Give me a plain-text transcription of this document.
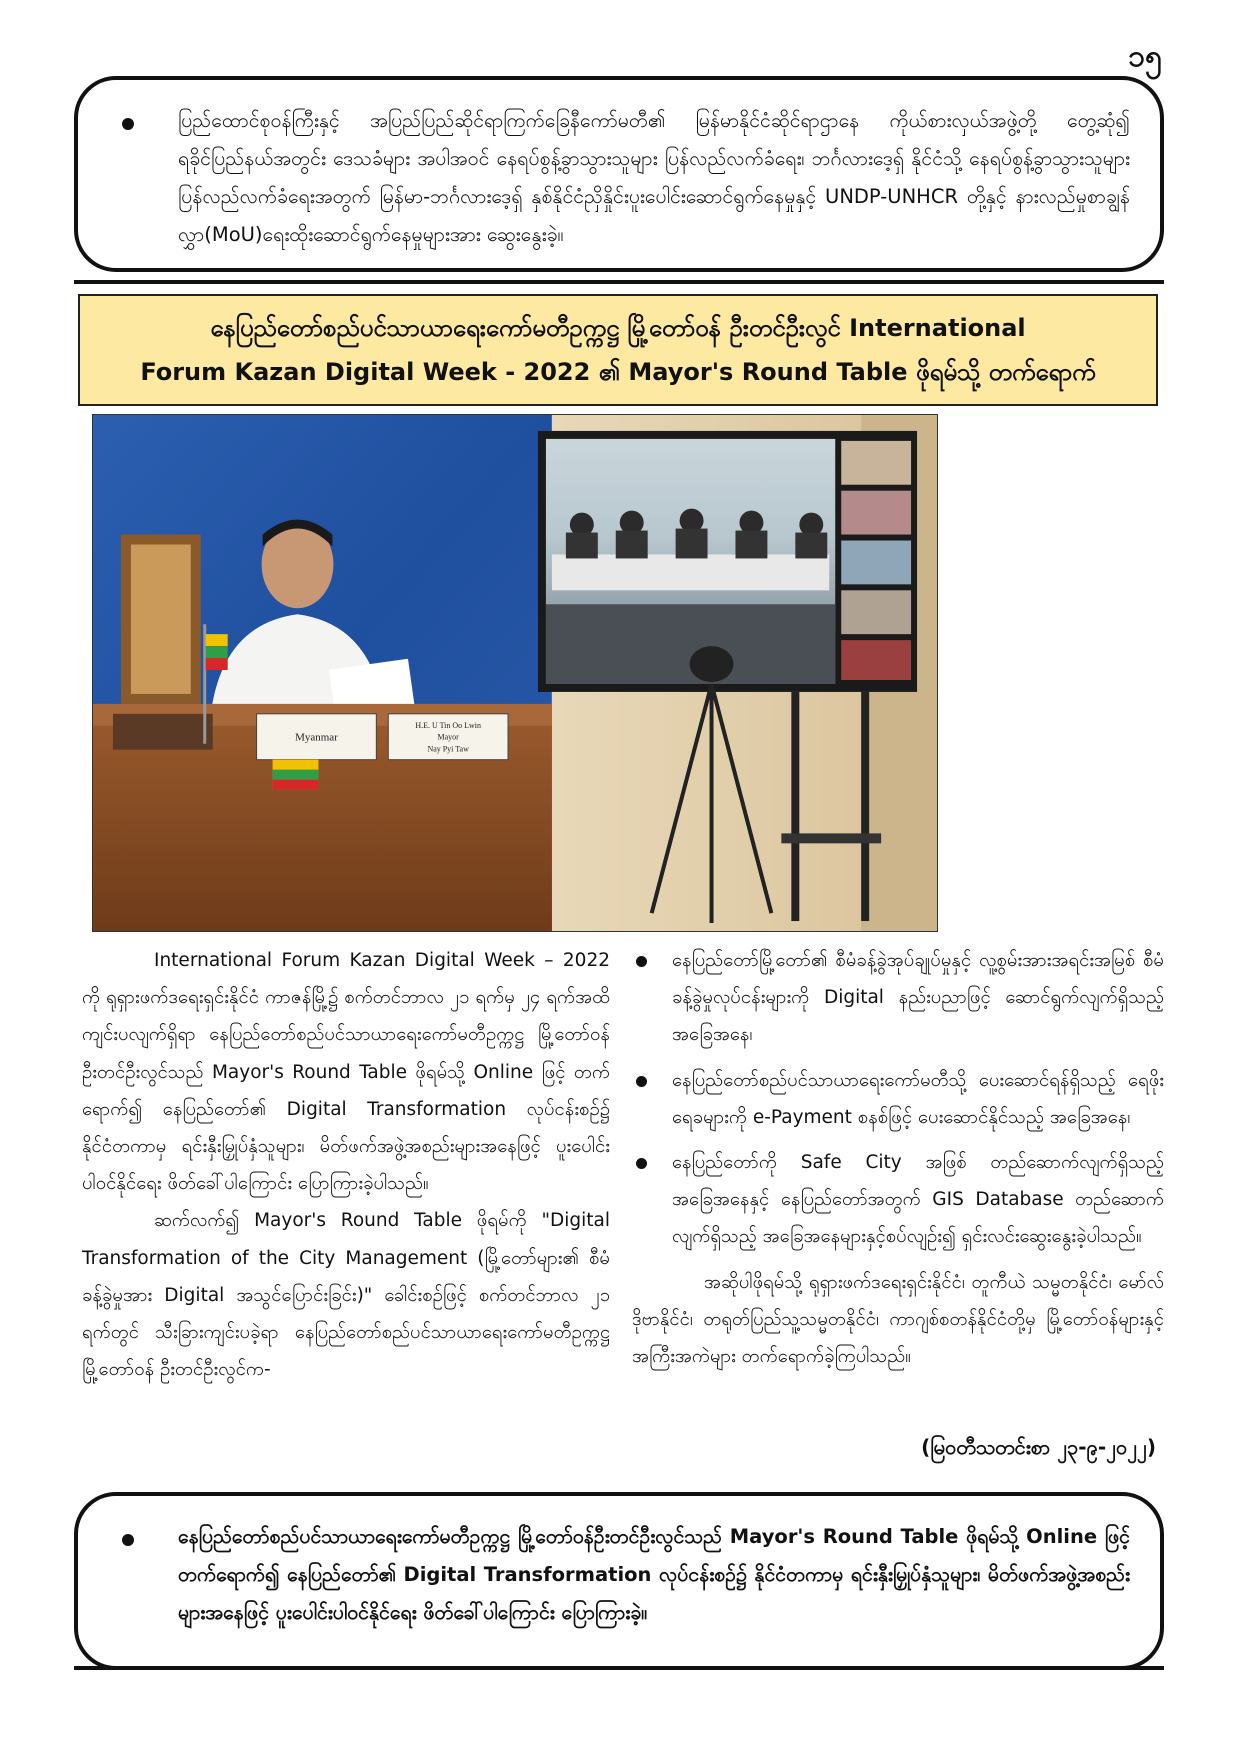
၁၅
ပြည်ထောင်စုဝန်ကြီးနှင့် အပြည်ပြည်ဆိုင်ရာကြက်ခြေနီကော်မတီ၏ မြန်မာနိုင်ငံဆိုင်ရာဌာနေ ကိုယ်စားလှယ်အဖွဲ့တို့ တွေ့ဆုံ၍ ရခိုင်ပြည်နယ်အတွင်း ဒေသခံများ အပါအဝင် နေရပ်စွန့်ခွာသွားသူများ ပြန်လည်လက်ခံရေး၊ ဘင်္ဂလားဒေ့ရှ် နိုင်ငံသို့ နေရပ်စွန့်ခွာသွားသူများ ပြန်လည်လက်ခံရေးအတွက် မြန်မာ-ဘင်္ဂလားဒေ့ရှ် နှစ်နိုင်ငံညှိနှိုင်းပူးပေါင်းဆောင်ရွက်နေမှုနှင့် UNDP-UNHCR တို့နှင့် နားလည်မှုစာချွန်လွှာ(MoU)ရေးထိုးဆောင်ရွက်နေမှုများအား ဆွေးနွေးခဲ့။
နေပြည်တော်စည်ပင်သာယာရေးကော်မတီဥက္ကဋ္ဌ မြို့တော်ဝန် ဦးတင်ဦးလွင် International
Forum Kazan Digital Week - 2022 ၏ Mayor's Round Table ဖိုရမ်သို့ တက်ရောက်
Myanmar
H.E. U Tin Oo Lwin
Mayor
Nay Pyi Taw

International Forum Kazan Digital Week – 2022 ကို ရုရှားဖက်ဒရေးရှင်းနိုင်ငံ ကာဇန်မြို့၌ စက်တင်ဘာလ ၂၁ ရက်မှ ၂၄ ရက်အထိ ကျင်းပလျက်ရှိရာ နေပြည်တော်စည်ပင်သာယာရေးကော်မတီဥက္ကဋ္ဌ မြို့တော်ဝန် ဦးတင်ဦးလွင်သည် Mayor's Round Table ဖိုရမ်သို့ Online ဖြင့် တက်ရောက်၍ နေပြည်တော်၏ Digital Transformation လုပ်ငန်းစဉ်၌ နိုင်ငံတကာမှ ရင်းနှီးမြှုပ်နှံသူများ၊ မိတ်ဖက်အဖွဲ့အစည်းများအနေဖြင့် ပူးပေါင်းပါဝင်နိုင်ရေး ဖိတ်ခေါ်ပါကြောင်း ပြောကြားခဲ့ပါသည်။

ဆက်လက်၍ Mayor's Round Table ဖိုရမ်ကို "Digital Transformation of the City Management (မြို့တော်များ၏ စီမံခန့်ခွဲမှုအား Digital အသွင်ပြောင်းခြင်း)" ခေါင်းစဉ်ဖြင့် စက်တင်ဘာလ ၂၁ ရက်တွင် သီးခြားကျင်းပခဲ့ရာ နေပြည်တော်စည်ပင်သာယာရေးကော်မတီဥက္ကဋ္ဌ မြို့တော်ဝန် ဦးတင်ဦးလွင်က-

နေပြည်တော်မြို့တော်၏ စီမံခန့်ခွဲအုပ်ချုပ်မှုနှင့် လူ့စွမ်းအားအရင်းအမြစ် စီမံခန့်ခွဲမှုလုပ်ငန်းများကို Digital နည်းပညာဖြင့် ဆောင်ရွက်လျက်ရှိသည့် အခြေအနေ၊
နေပြည်တော်စည်ပင်သာယာရေးကော်မတီသို့ ပေးဆောင်ရန်ရှိသည့် ရေဖိုးရေခများကို e-Payment စနစ်ဖြင့် ပေးဆောင်နိုင်သည့် အခြေအနေ၊
နေပြည်တော်ကို Safe City အဖြစ် တည်ဆောက်လျက်ရှိသည့် အခြေအနေနှင့် နေပြည်တော်အတွက် GIS Database တည်ဆောက်လျက်ရှိသည့် အခြေအနေများနှင့်စပ်လျဉ်း၍ ရှင်းလင်းဆွေးနွေးခဲ့ပါသည်။

အဆိုပါဖိုရမ်သို့ ရုရှားဖက်ဒရေးရှင်းနိုင်ငံ၊ တူကီယဲ သမ္မတနိုင်ငံ၊ မော်လ်ဒိုဗာနိုင်ငံ၊ တရုတ်ပြည်သူ့သမ္မတနိုင်ငံ၊ ကာဂျစ်စတန်နိုင်ငံတို့မှ မြို့တော်ဝန်များနှင့် အကြီးအကဲများ တက်ရောက်ခဲ့ကြပါသည်။

(မြဝတီသတင်းစာ ၂၃-၉-၂၀၂၂)
နေပြည်တော်စည်ပင်သာယာရေးကော်မတီဥက္ကဋ္ဌ မြို့တော်ဝန်ဦးတင်ဦးလွင်သည် Mayor's Round Table ဖိုရမ်သို့ Online ဖြင့် တက်ရောက်၍ နေပြည်တော်၏ Digital Transformation လုပ်ငန်းစဉ်၌ နိုင်ငံတကာမှ ရင်းနှီးမြှုပ်နှံသူများ၊ မိတ်ဖက်အဖွဲ့အစည်းများအနေဖြင့် ပူးပေါင်းပါဝင်နိုင်ရေး ဖိတ်ခေါ်ပါကြောင်း ပြောကြားခဲ့။
